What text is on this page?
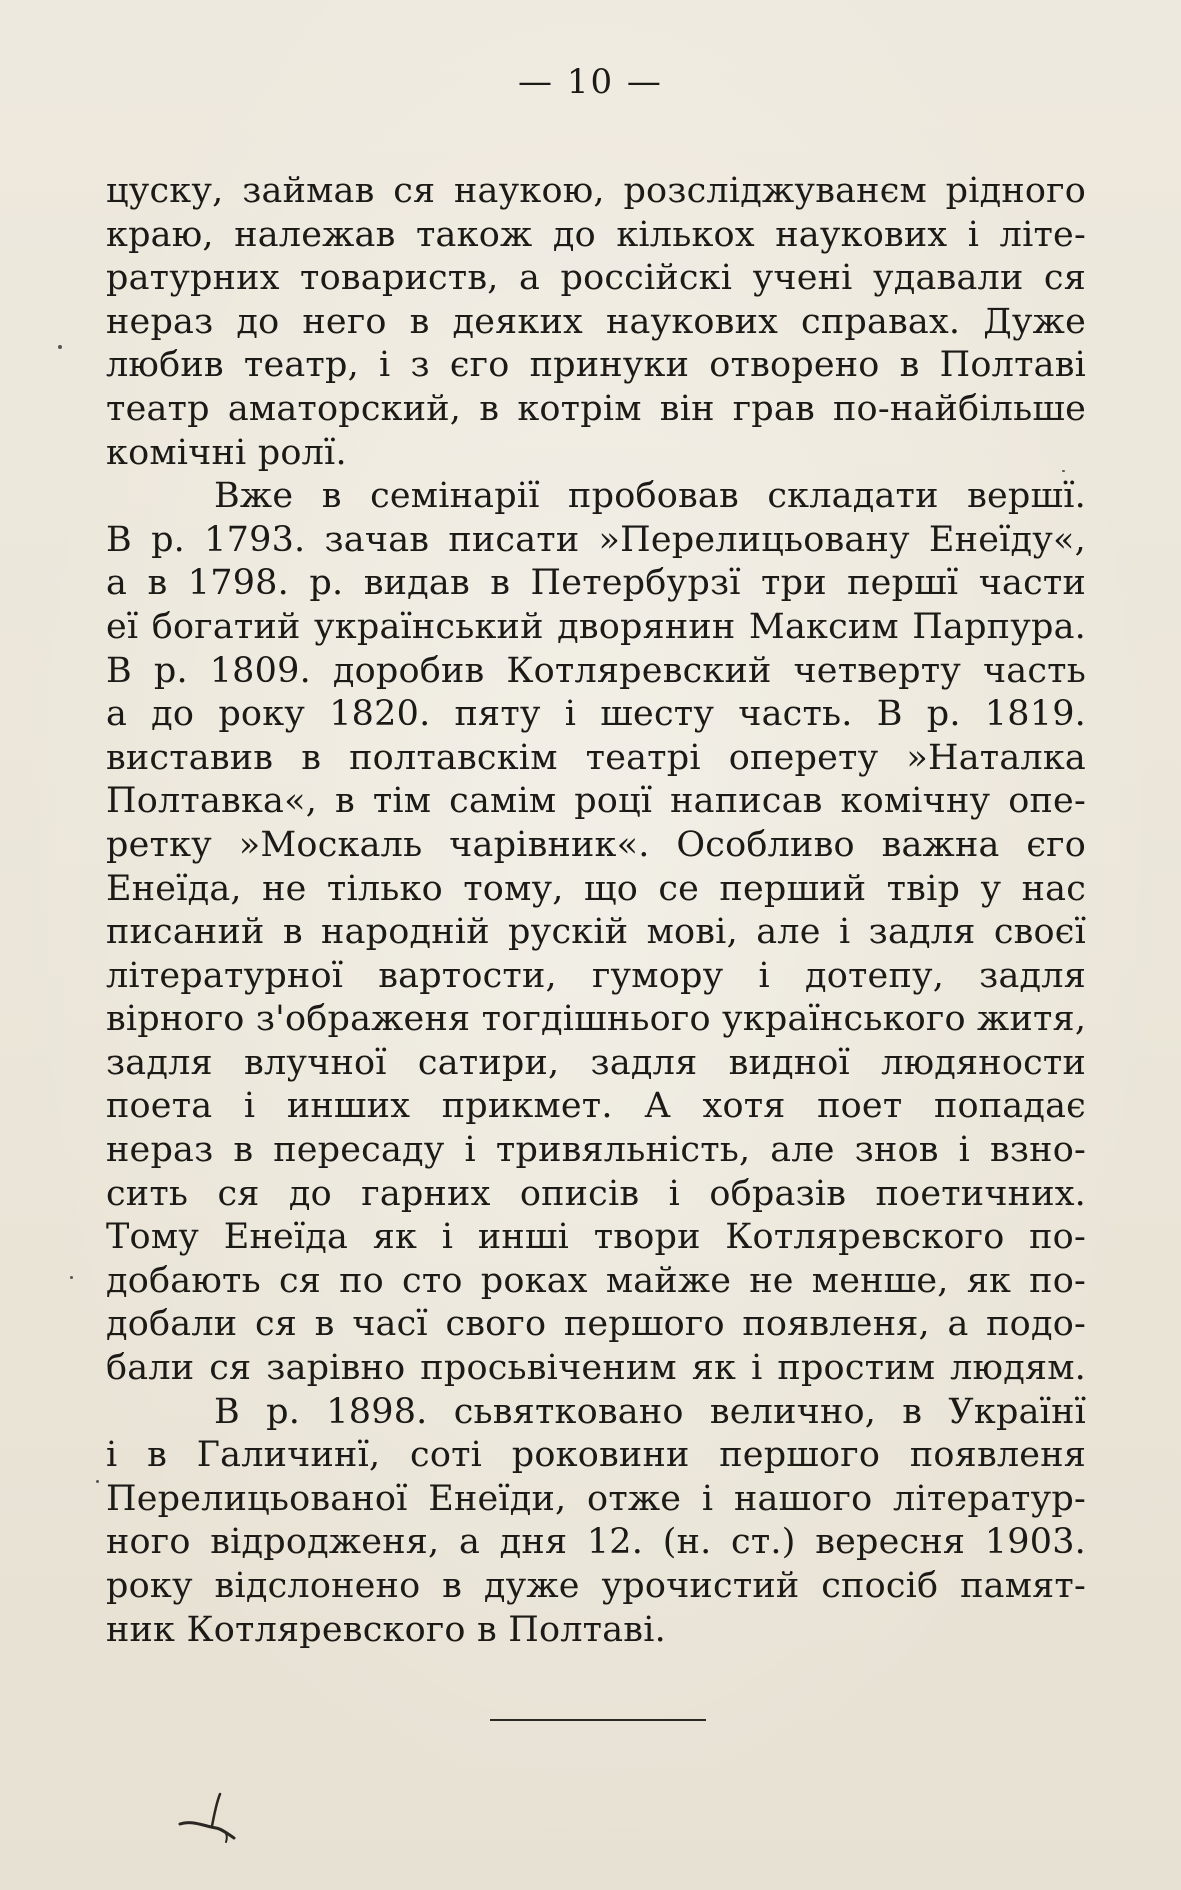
— 10 —
цуску, займав ся наукою, розсліджуванєм рідного
краю, належав також до кількох наукових і літе-
ратурних товариств, а россійскі учені удавали ся
нераз до него в деяких наукових справах. Дуже
любив театр, і з єго принуки отворено в Полтаві
театр аматорский, в котрім він грав по-найбільше
комічні ролї.
Вже в семінарії пробовав складати вершї.
В р. 1793. зачав писати »Перелицьовану Енеїду«,
а в 1798. р. видав в Петербурзї три першї части
еї богатий український дворянин Максим Парпура.
В р. 1809. доробив Котляревский четверту часть
а до року 1820. пяту і шесту часть. В р. 1819.
виставив в полтавскім театрі оперету »Наталка
Полтавка«, в тім самім роцї написав комічну опе-
ретку »Москаль чарівник«. Особливо важна єго
Енеїда, не тілько тому, що се перший твір у нас
писаний в народній рускій мові, але і задля своєї
літературної вартости, гумору і дотепу, задля
вірного з'ображеня тогдішнього українського житя,
задля влучної сатири, задля видної людяности
поета і инших прикмет. А хотя поет попадає
нераз в пересаду і тривяльність, але знов і взно-
сить ся до гарних описів і образів поетичних.
Тому Енеїда як і инші твори Котляревского по-
добають ся по сто роках майже не менше, як по-
добали ся в часї свого першого появленя, а подо-
бали ся зарівно просьвіченим як і простим людям.
В р. 1898. сьвятковано велично, в Українї
і в Галичинї, соті роковини першого появленя
Перелицьованої Енеїди, отже і нашого літератур-
ного відродженя, а дня 12. (н. ст.) вересня 1903.
року відслонено в дуже урочистий спосіб памят-
ник Котляревского в Полтаві.
